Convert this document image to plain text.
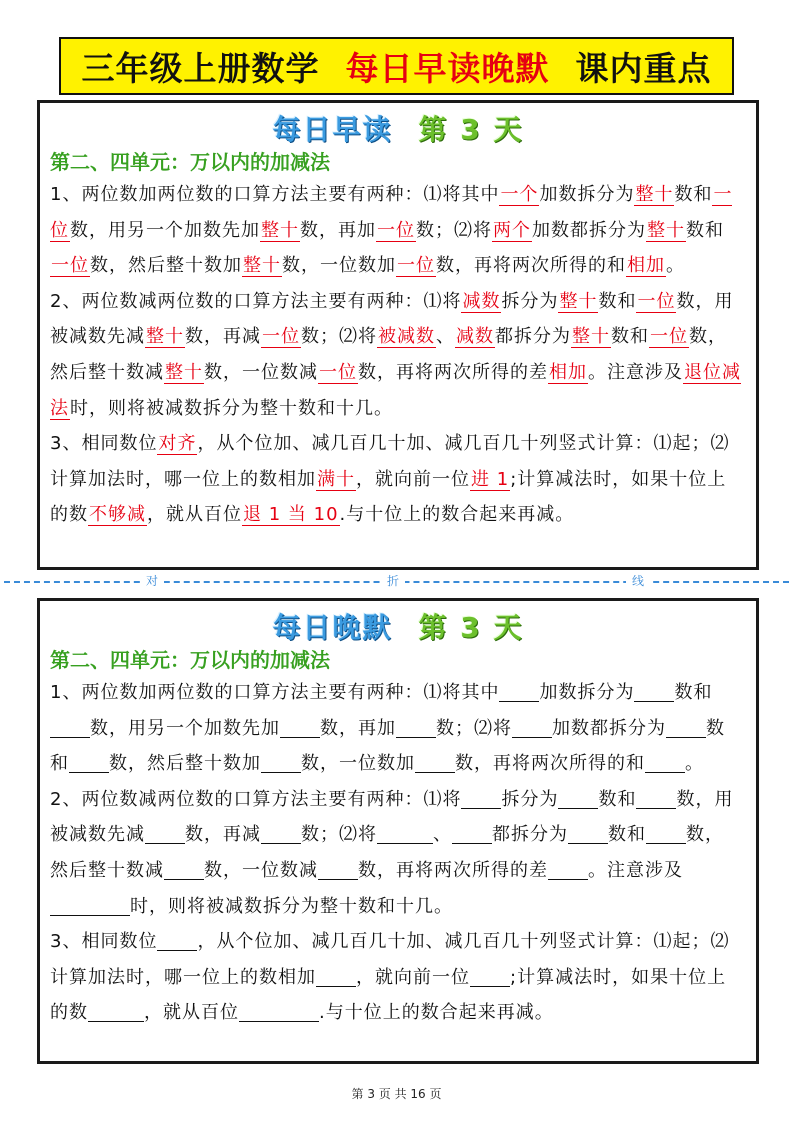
三年级上册数学 每日早读晚默 课内重点
每日早读 第 3 天
第二、四单元：万以内的加减法
1、两位数加两位数的口算方法主要有两种：⑴将其中一个加数拆分为整十数和一位数，用另一个加数先加整十数，再加一位数；⑵将两个加数都拆分为整十数和一位数，然后整十数加整十数，一位数加一位数，再将两次所得的和相加。
2、两位数减两位数的口算方法主要有两种：⑴将减数拆分为整十数和一位数，用被减数先减整十数，再减一位数；⑵将被减数、减数都拆分为整十数和一位数，然后整十数减整十数，一位数减一位数，再将两次所得的差相加。注意涉及退位减法时，则将被减数拆分为整十数和十几。
3、相同数位对齐，从个位加、减几百几十加、减几百几十列竖式计算：⑴起；⑵计算加法时，哪一位上的数相加满十，就向前一位进 1;计算减法时，如果十位上的数不够减，就从百位退 1 当 10.与十位上的数合起来再减。
对	折	线
每日晚默 第 3 天
第二、四单元：万以内的加减法
1、两位数加两位数的口算方法主要有两种：⑴将其中 加数拆分为 数和数，用另一个加数先加 数，再加 数；⑵将 加数都拆分为 数和 数，然后整十数加 数，一位数加 数，再将两次所得的和 。
2、两位数减两位数的口算方法主要有两种：⑴将 拆分为 数和 数，用被减数先减 数，再减 数；⑵将	、 都拆分为 数和 数，然后整十数减 数，一位数减 数，再将两次所得的差 。注意涉及时，则将被减数拆分为整十数和十几。
3、相同数位 ，从个位加、减几百几十加、减几百几十列竖式计算：⑴起；⑵计算加法时，哪一位上的数相加 ，就向前一位 ;计算减法时，如果十位上的数	，就从百位	.与十位上的数合起来再减。
第 3 页 共 16 页
